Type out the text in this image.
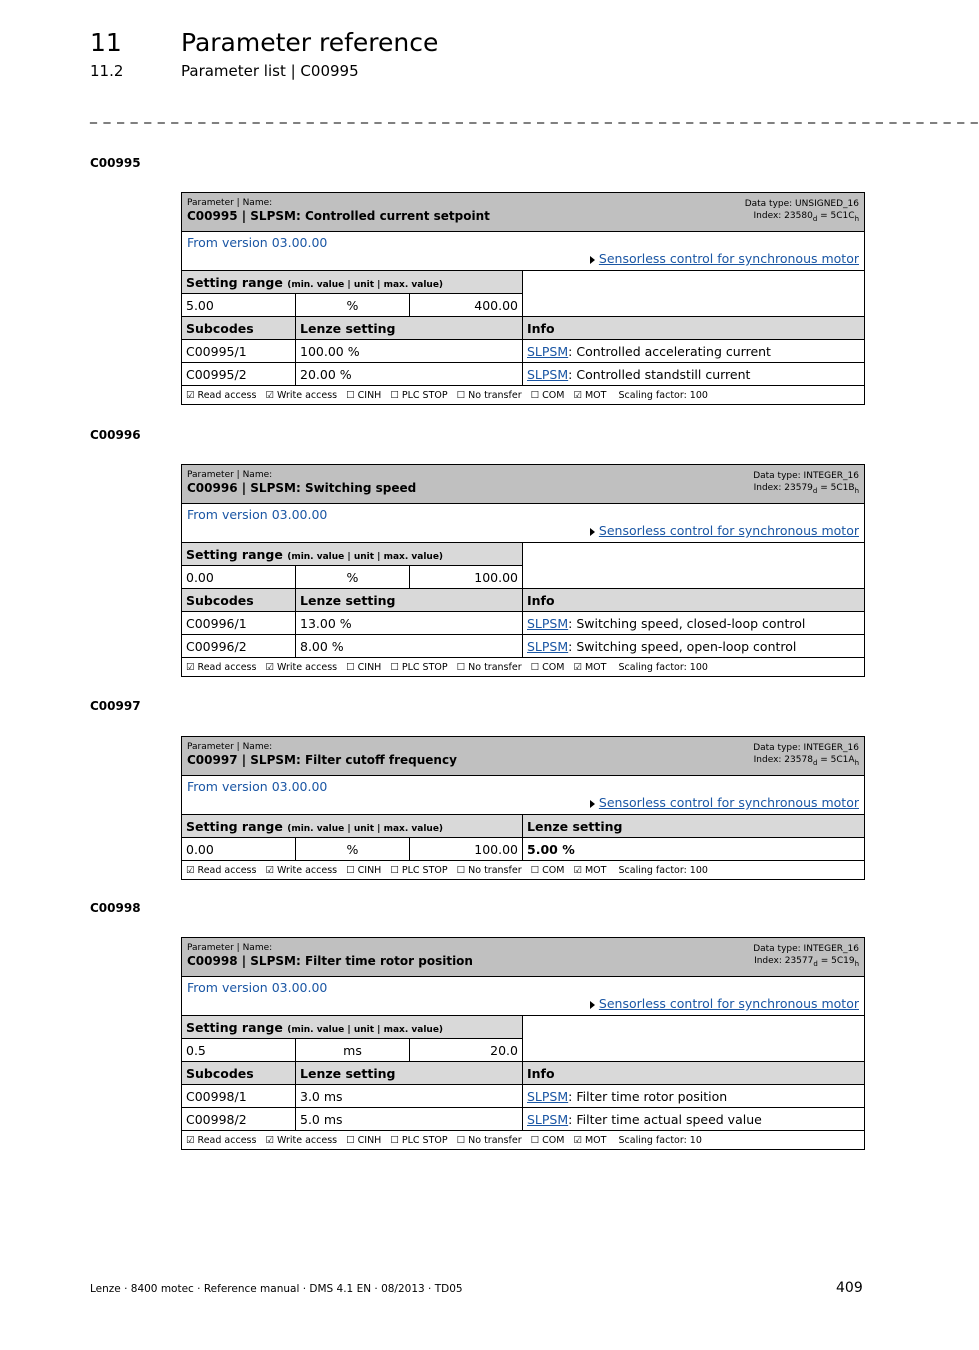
11 Parameter reference
11.2	Parameter list | C00995
_ _ _ _ _ _ _ _ _ _ _ _ _ _ _ _ _ _ _ _ _ _ _ _ _ _ _ _ _ _ _ _ _ _ _ _ _ _ _ _ _ _ _ _ _ _ _ _ _ _ _ _ _ _ _ _ _ _ _ _ _ _ _ _ _ _
C00995
Parameter | Name:
C00995 | SLPSM: Controlled current setpoint
Data type: UNSIGNED_16
Index: $23580_d = 5C1C_h$

From version 03.00.00
Sensorless control for synchronous motor			

Setting range (min. value | unit | max. value)			
5.00	%	400.00	
Subcodes	Lenze setting		Info
C00995/1	100.00 %		SLPSM: Controlled accelerating current
C00995/2	20.00 %		SLPSM: Controlled standstill current
☑ Read access ☑ Write access ☐ CINH ☐ PLC STOP ☐ No transfer ☐ COM ☑ MOT Scaling factor: 100			
C00996
Parameter | Name:
C00996 | SLPSM: Switching speed
Data type: INTEGER_16
Index: $23579_d = 5C1B_h$

From version 03.00.00
Sensorless control for synchronous motor			

Setting range (min. value | unit | max. value)			
0.00	%	100.00	
Subcodes	Lenze setting		Info
C00996/1	13.00 %		SLPSM: Switching speed, closed-loop control
C00996/2	8.00 %		SLPSM: Switching speed, open-loop control
☑ Read access ☑ Write access ☐ CINH ☐ PLC STOP ☐ No transfer ☐ COM ☑ MOT Scaling factor: 100			
C00997
Parameter | Name:
C00997 | SLPSM: Filter cutoff frequency
Data type: INTEGER_16
Index: $23578_d = 5C1A_h$

From version 03.00.00
Sensorless control for synchronous motor			

Setting range (min. value | unit | max. value)			Lenze setting
0.00	%	100.00	5.00 %
☑ Read access ☑ Write access ☐ CINH ☐ PLC STOP ☐ No transfer ☐ COM ☑ MOT Scaling factor: 100			
C00998
Parameter | Name:
C00998 | SLPSM: Filter time rotor position
Data type: INTEGER_16
Index: $23577_d = 5C19_h$

From version 03.00.00
Sensorless control for synchronous motor			

Setting range (min. value | unit | max. value)			
0.5	ms	20.0	
Subcodes	Lenze setting		Info
C00998/1	3.0 ms		SLPSM: Filter time rotor position
C00998/2	5.0 ms		SLPSM: Filter time actual speed value
☑ Read access ☑ Write access ☐ CINH ☐ PLC STOP ☐ No transfer ☐ COM ☑ MOT Scaling factor: 10			
Lenze · 8400 motec · Reference manual · DMS 4.1 EN · 08/2013 · TD05	409
